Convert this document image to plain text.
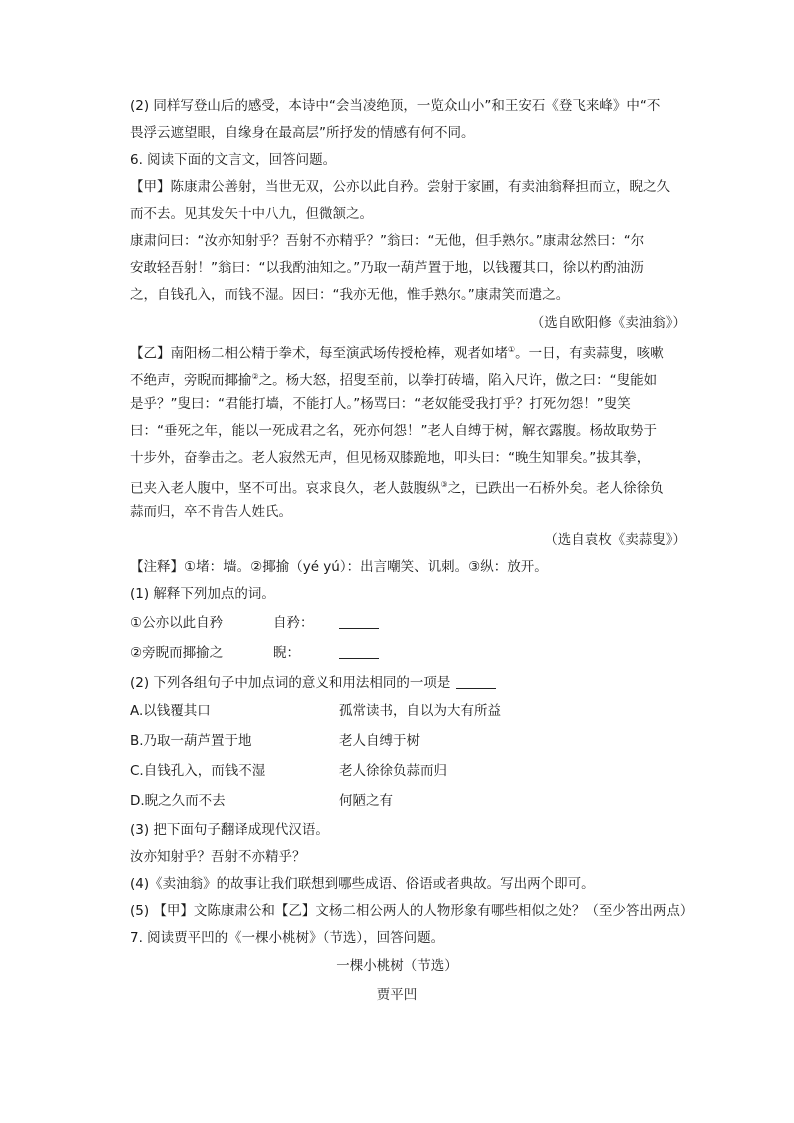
(2) 同样写登山后的感受，本诗中“会当凌绝顶，一览众山小”和王安石《登飞来峰》中“不
畏浮云遮望眼，自缘身在最高层”所抒发的情感有何不同。
6. 阅读下面的文言文，回答问题。
【甲】陈康肃公善射，当世无双，公亦以此自矜。尝射于家圃，有卖油翁释担而立，睨之久
而不去。见其发矢十中八九，但微颔之。
康肃问曰：“汝亦知射乎？吾射不亦精乎？”翁曰：“无他，但手熟尔。”康肃忿然曰：“尔
安敢轻吾射！”翁曰：“以我酌油知之。”乃取一葫芦置于地，以钱覆其口，徐以杓酌油沥
之，自钱孔入，而钱不湿。因曰：“我亦无他，惟手熟尔。”康肃笑而遣之。
（选自欧阳修《卖油翁》）
【乙】南阳杨二相公精于拳术，每至演武场传授枪棒，观者如堵①。一日，有卖蒜叟，咳嗽
不绝声，旁睨而揶揄②之。杨大怒，招叟至前，以拳打砖墙，陷入尺许，傲之曰：“叟能如
是乎？”叟曰：“君能打墙，不能打人。”杨骂曰：“老奴能受我打乎？打死勿怨！”叟笑
曰：“垂死之年，能以一死成君之名，死亦何怨！”老人自缚于树，解衣露腹。杨故取势于
十步外，奋拳击之。老人寂然无声，但见杨双膝跪地，叩头曰：“晚生知罪矣。”拔其拳，
已夹入老人腹中，坚不可出。哀求良久，老人鼓腹纵③之，已跌出一石桥外矣。老人徐徐负
蒜而归，卒不肯告人姓氏。
（选自袁枚《卖蒜叟》）
【注释】①堵：墙。②揶揄（yé yú）：出言嘲笑、讥刺。③纵：放开。
(1) 解释下列加点的词。
①公亦以此自矜	自矜：
②旁睨而揶揄之	睨：
(2) 下列各组句子中加点词的意义和用法相同的一项是
A.以钱覆其口	孤常读书，自以为大有所益
B.乃取一葫芦置于地	老人自缚于树
C.自钱孔入，而钱不湿	老人徐徐负蒜而归
D.睨之久而不去	何陋之有
(3) 把下面句子翻译成现代汉语。
汝亦知射乎？吾射不亦精乎？
(4)《卖油翁》的故事让我们联想到哪些成语、俗语或者典故。写出两个即可。
(5) 【甲】文陈康肃公和【乙】文杨二相公两人的人物形象有哪些相似之处？（至少答出两点）
7. 阅读贾平凹的《一棵小桃树》（节选），回答问题。
一棵小桃树（节选）
贾平凹
